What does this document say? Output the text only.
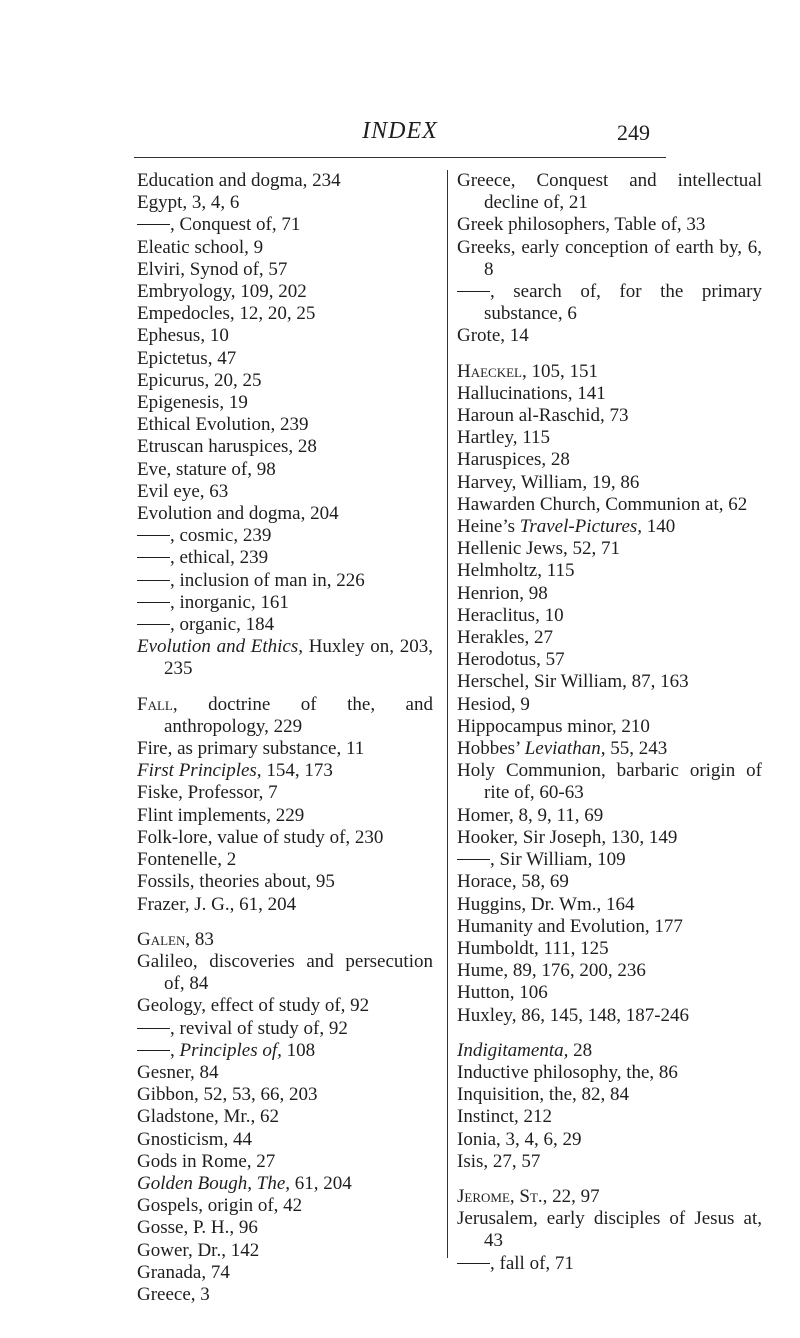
INDEX	249
Education and dogma, 234
Egypt, 3, 4, 6
, Conquest of, 71
Eleatic school, 9
Elviri, Synod of, 57
Embryology, 109, 202
Empedocles, 12, 20, 25
Ephesus, 10
Epictetus, 47
Epicurus, 20, 25
Epigenesis, 19
Ethical Evolution, 239
Etruscan haruspices, 28
Eve, stature of, 98
Evil eye, 63
Evolution and dogma, 204
, cosmic, 239
, ethical, 239
, inclusion of man in, 226
, inorganic, 161
, organic, 184
Evolution and Ethics, Huxley on, 203, 235
Fall, doctrine of the, and anthropology, 229
Fire, as primary substance, 11
First Principles, 154, 173
Fiske, Professor, 7
Flint implements, 229
Folk-lore, value of study of, 230
Fontenelle, 2
Fossils, theories about, 95
Frazer, J. G., 61, 204
Galen, 83
Galileo, discoveries and persecution of, 84
Geology, effect of study of, 92
, revival of study of, 92
, Principles of, 108
Gesner, 84
Gibbon, 52, 53, 66, 203
Gladstone, Mr., 62
Gnosticism, 44
Gods in Rome, 27
Golden Bough, The, 61, 204
Gospels, origin of, 42
Gosse, P. H., 96
Gower, Dr., 142
Granada, 74
Greece, 3
Greece, Conquest and intellectual decline of, 21
Greek philosophers, Table of, 33
Greeks, early conception of earth by, 6, 8
, search of, for the primary substance, 6
Grote, 14
Haeckel, 105, 151
Hallucinations, 141
Haroun al-Raschid, 73
Hartley, 115
Haruspices, 28
Harvey, William, 19, 86
Hawarden Church, Communion at, 62
Heine’s Travel-Pictures, 140
Hellenic Jews, 52, 71
Helmholtz, 115
Henrion, 98
Heraclitus, 10
Herakles, 27
Herodotus, 57
Herschel, Sir William, 87, 163
Hesiod, 9
Hippocampus minor, 210
Hobbes’ Leviathan, 55, 243
Holy Communion, barbaric origin of rite of, 60-63
Homer, 8, 9, 11, 69
Hooker, Sir Joseph, 130, 149
, Sir William, 109
Horace, 58, 69
Huggins, Dr. Wm., 164
Humanity and Evolution, 177
Humboldt, 111, 125
Hume, 89, 176, 200, 236
Hutton, 106
Huxley, 86, 145, 148, 187-246
Indigitamenta, 28
Inductive philosophy, the, 86
Inquisition, the, 82, 84
Instinct, 212
Ionia, 3, 4, 6, 29
Isis, 27, 57
Jerome, St., 22, 97
Jerusalem, early disciples of Jesus at, 43
, fall of, 71
